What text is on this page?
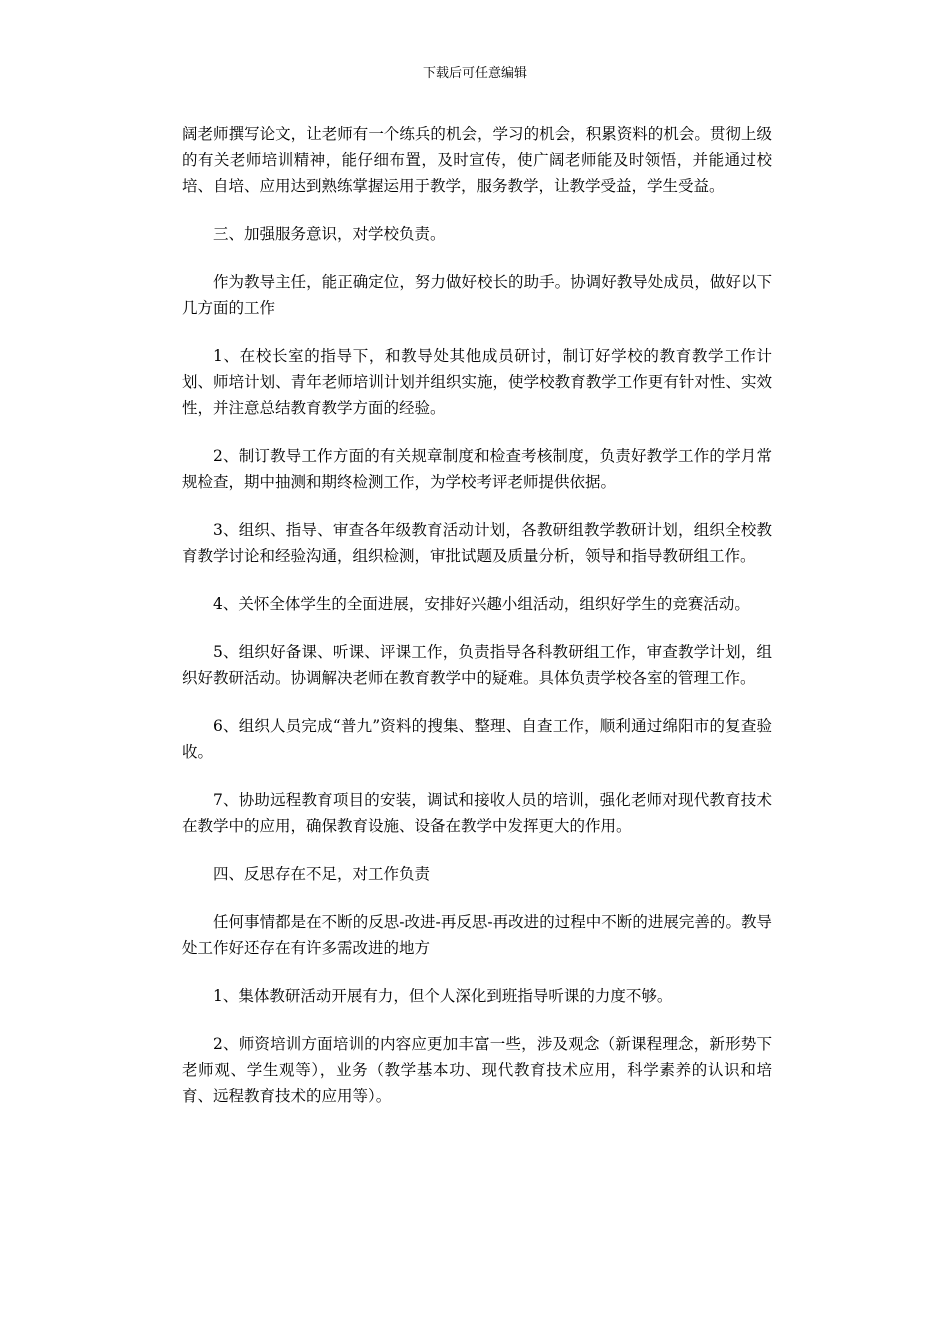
下载后可任意编辑

阔老师撰写论文，让老师有一个练兵的机会，学习的机会，积累资料的机会。贯彻上级的有关老师培训精神，能仔细布置，及时宣传，使广阔老师能及时领悟，并能通过校培、自培、应用达到熟练掌握运用于教学，服务教学，让教学受益，学生受益。

三、加强服务意识，对学校负责。

作为教导主任，能正确定位，努力做好校长的助手。协调好教导处成员，做好以下几方面的工作

1、在校长室的指导下，和教导处其他成员研讨，制订好学校的教育教学工作计划、师培计划、青年老师培训计划并组织实施，使学校教育教学工作更有针对性、实效性，并注意总结教育教学方面的经验。

2、制订教导工作方面的有关规章制度和检查考核制度，负责好教学工作的学月常规检查，期中抽测和期终检测工作，为学校考评老师提供依据。

3、组织、指导、审查各年级教育活动计划，各教研组教学教研计划，组织全校教育教学讨论和经验沟通，组织检测，审批试题及质量分析，领导和指导教研组工作。

4、关怀全体学生的全面进展，安排好兴趣小组活动，组织好学生的竞赛活动。

5、组织好备课、听课、评课工作，负责指导各科教研组工作，审查教学计划，组织好教研活动。协调解决老师在教育教学中的疑难。具体负责学校各室的管理工作。

6、组织人员完成“普九”资料的搜集、整理、自查工作，顺利通过绵阳市的复查验收。

7、协助远程教育项目的安装，调试和接收人员的培训，强化老师对现代教育技术在教学中的应用，确保教育设施、设备在教学中发挥更大的作用。

四、反思存在不足，对工作负责

任何事情都是在不断的反思-改进-再反思-再改进的过程中不断的进展完善的。教导处工作好还存在有许多需改进的地方

1、集体教研活动开展有力，但个人深化到班指导听课的力度不够。

2、师资培训方面培训的内容应更加丰富一些，涉及观念（新课程理念，新形势下老师观、学生观等），业务（教学基本功、现代教育技术应用，科学素养的认识和培育、远程教育技术的应用等）。
